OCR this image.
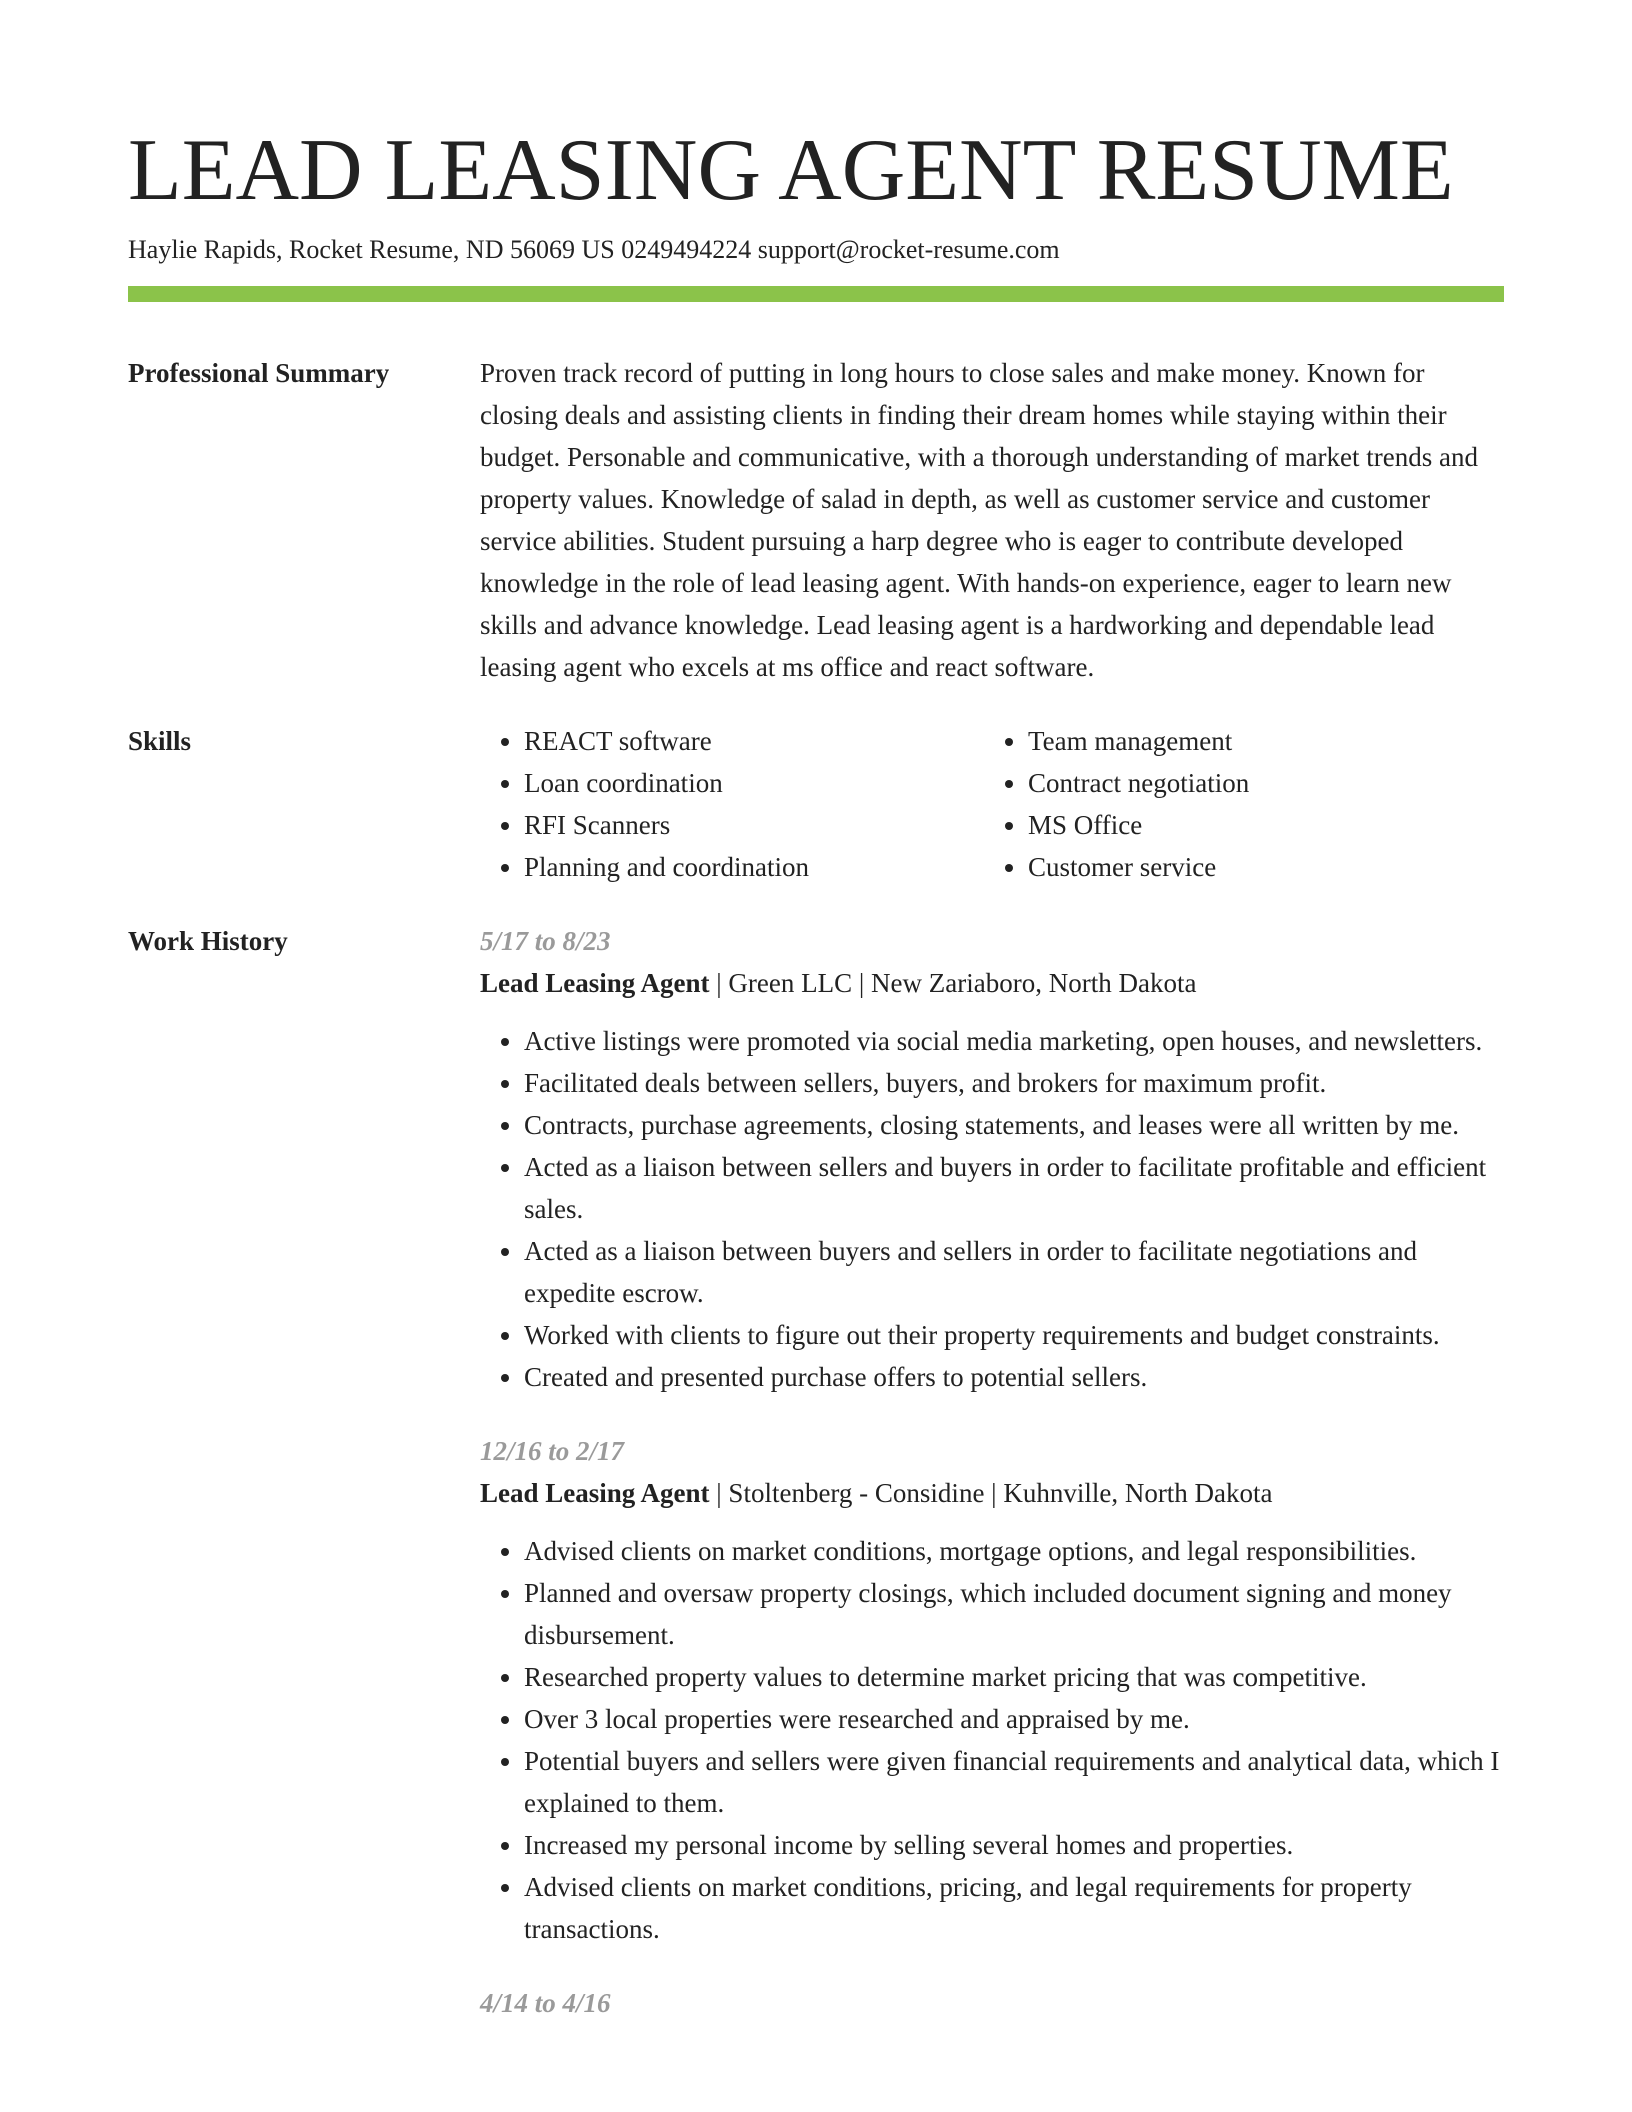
LEAD LEASING AGENT RESUME
Haylie Rapids, Rocket Resume, ND 56069 US 0249494224 support@rocket-resume.com
Professional Summary	Proven track record of putting in long hours to close sales and make money. Known for closing deals and assisting clients in finding their dream homes while staying within their budget. Personable and communicative, with a thorough understanding of market trends and property values. Knowledge of salad in depth, as well as customer service and customer service abilities. Student pursuing a harp degree who is eager to contribute developed knowledge in the role of lead leasing agent. With hands-on experience, eager to learn new skills and advance knowledge. Lead leasing agent is a hardworking and dependable lead leasing agent who excels at ms office and react software.

Skills
•	REACT software
• Loan coordination
• RFI Scanners
• Planning and coordination
• Team management
• Contract negotiation
• MS Office
• Customer service
Work History	5/17 to 8/23
Lead Leasing Agent | Green LLC | New Zariaboro, North Dakota
• Active listings were promoted via social media marketing, open houses, and newsletters.
• Facilitated deals between sellers, buyers, and brokers for maximum profit.
• Contracts, purchase agreements, closing statements, and leases were all written by me.
• Acted as a liaison between sellers and buyers in order to facilitate profitable and efficient sales.
• Acted as a liaison between buyers and sellers in order to facilitate negotiations and expedite escrow.
• Worked with clients to figure out their property requirements and budget constraints.
• Created and presented purchase offers to potential sellers.
12/16 to 2/17
Lead Leasing Agent | Stoltenberg - Considine | Kuhnville, North Dakota
• Advised clients on market conditions, mortgage options, and legal responsibilities.
• Planned and oversaw property closings, which included document signing and money disbursement.
• Researched property values to determine market pricing that was competitive.
• Over 3 local properties were researched and appraised by me.
• Potential buyers and sellers were given financial requirements and analytical data, which I explained to them.
• Increased my personal income by selling several homes and properties.
• Advised clients on market conditions, pricing, and legal requirements for property transactions.
4/14 to 4/16
